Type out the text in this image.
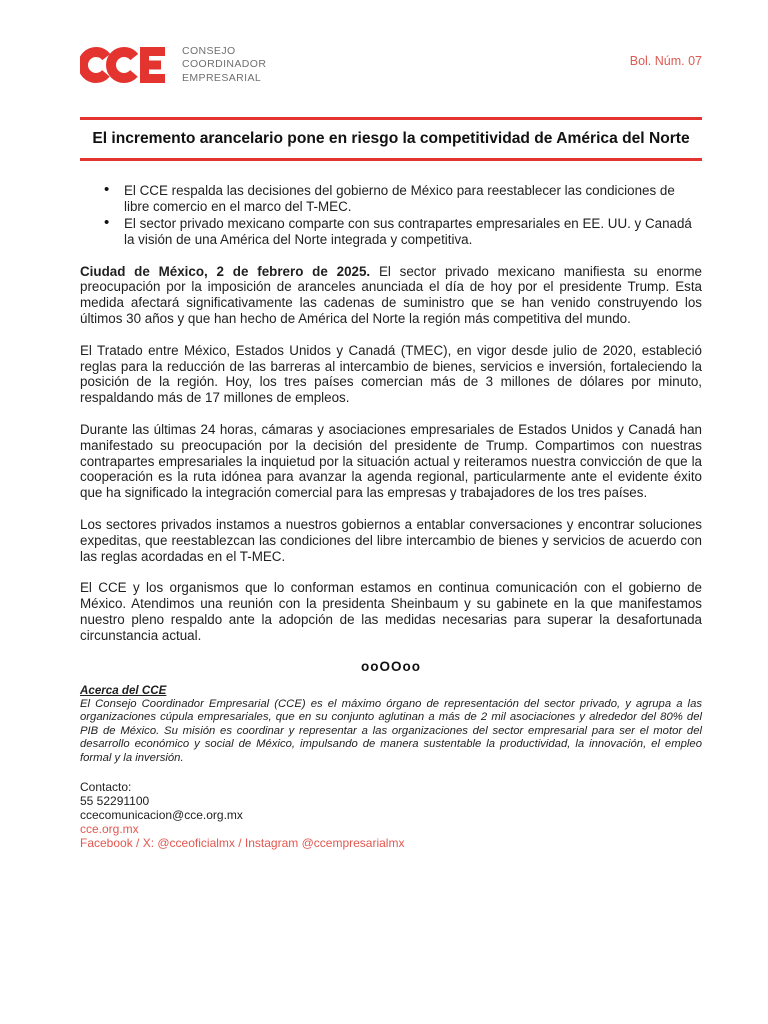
CONSEJO
COORDINADOR
EMPRESARIAL
Bol. Núm. 07
El incremento arancelario pone en riesgo la competitividad de América del Norte
• El CCE respalda las decisiones del gobierno de México para reestablecer las condiciones de libre comercio en el marco del T-MEC.
• El sector privado mexicano comparte con sus contrapartes empresariales en EE. UU. y Canadá la visión de una América del Norte integrada y competitiva.

Ciudad de México, 2 de febrero de 2025. El sector privado mexicano manifiesta su enorme preocupación por la imposición de aranceles anunciada el día de hoy por el presidente Trump. Esta medida afectará significativamente las cadenas de suministro que se han venido construyendo los últimos 30 años y que han hecho de América del Norte la región más competitiva del mundo.

El Tratado entre México, Estados Unidos y Canadá (TMEC), en vigor desde julio de 2020, estableció reglas para la reducción de las barreras al intercambio de bienes, servicios e inversión, fortaleciendo la posición de la región. Hoy, los tres países comercian más de 3 millones de dólares por minuto, respaldando más de 17 millones de empleos.

Durante las últimas 24 horas, cámaras y asociaciones empresariales de Estados Unidos y Canadá han manifestado su preocupación por la decisión del presidente de Trump. Compartimos con nuestras contrapartes empresariales la inquietud por la situación actual y reiteramos nuestra convicción de que la cooperación es la ruta idónea para avanzar la agenda regional, particularmente ante el evidente éxito que ha significado la integración comercial para las empresas y trabajadores de los tres países.

Los sectores privados instamos a nuestros gobiernos a entablar conversaciones y encontrar soluciones expeditas, que reestablezcan las condiciones del libre intercambio de bienes y servicios de acuerdo con las reglas acordadas en el T-MEC.

El CCE y los organismos que lo conforman estamos en continua comunicación con el gobierno de México. Atendimos una reunión con la presidenta Sheinbaum y su gabinete en la que manifestamos nuestro pleno respaldo ante la adopción de las medidas necesarias para superar la desafortunada circunstancia actual.

ooOOoo
Acerca del CCE

El Consejo Coordinador Empresarial (CCE) es el máximo órgano de representación del sector privado, y agrupa a las organizaciones cúpula empresariales, que en su conjunto aglutinan a más de 2 mil asociaciones y alrededor del 80% del PIB de México. Su misión es coordinar y representar a las organizaciones del sector empresarial para ser el motor del desarrollo económico y social de México, impulsando de manera sustentable la productividad, la innovación, el empleo formal y la inversión.

Contacto:
55 52291100
ccecomunicacion@cce.org.mx
cce.org.mx
Facebook / X: @cceoficialmx / Instagram @ccempresarialmx
